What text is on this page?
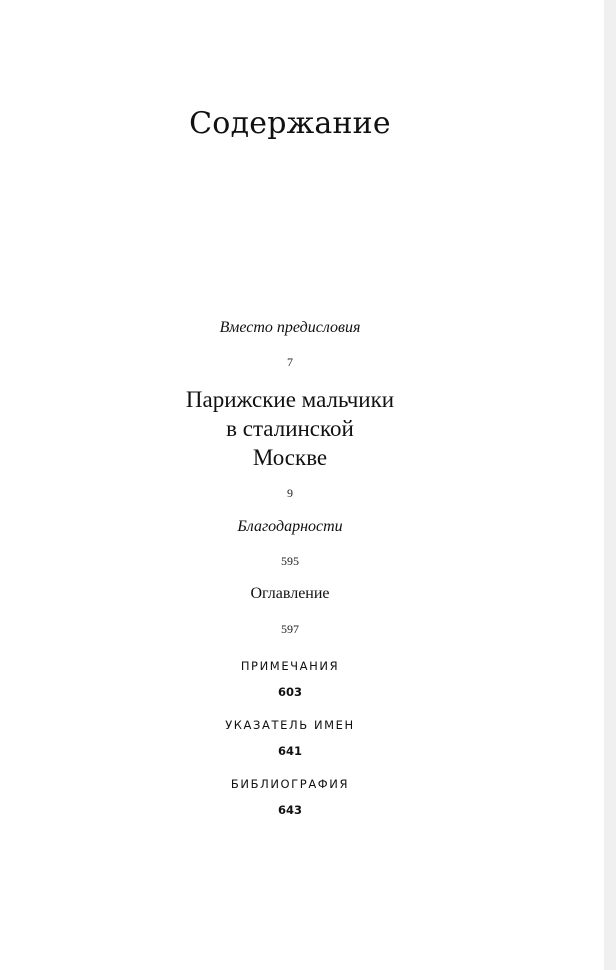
Содержание
Вместо предисловия
7
Парижские мальчики
в сталинской
Москве
9
Благодарности
595
Оглавление
597
ПРИМЕЧАНИЯ
603
УКАЗАТЕЛЬ ИМЕН
641
БИБЛИОГРАФИЯ
643
